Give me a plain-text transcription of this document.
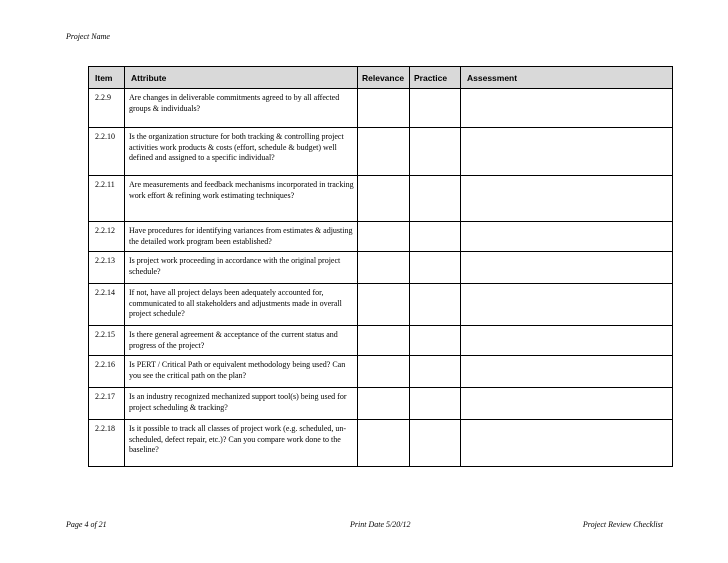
Project Name
Item	Attribute	Relevance	Practice	Assessment
2.2.9	Are changes in deliverable commitments agreed to by all affected groups & individuals?			
2.2.10	Is the organization structure for both tracking & controlling project activities work products & costs (effort, schedule & budget) well defined and assigned to a specific individual?			
2.2.11	Are measurements and feedback mechanisms incorporated in tracking work effort & refining work estimating techniques?			
2.2.12	Have procedures for identifying variances from estimates & adjusting the detailed work program been established?			
2.2.13	Is project work proceeding in accordance with the original project schedule?			
2.2.14	If not, have all project delays been adequately accounted for, communicated to all stakeholders and adjustments made in overall project schedule?			
2.2.15	Is there general agreement & acceptance of the current status and progress of the project?			
2.2.16	Is PERT / Critical Path or equivalent methodology being used? Can you see the critical path on the plan?			
2.2.17	Is an industry recognized mechanized support tool(s) being used for project scheduling & tracking?			
2.2.18	Is it possible to track all classes of project work (e.g. scheduled, un-scheduled, defect repair, etc.)? Can you compare work done to the baseline?			
Page 4 of 21	Print Date 5/20/12	Project Review Checklist
